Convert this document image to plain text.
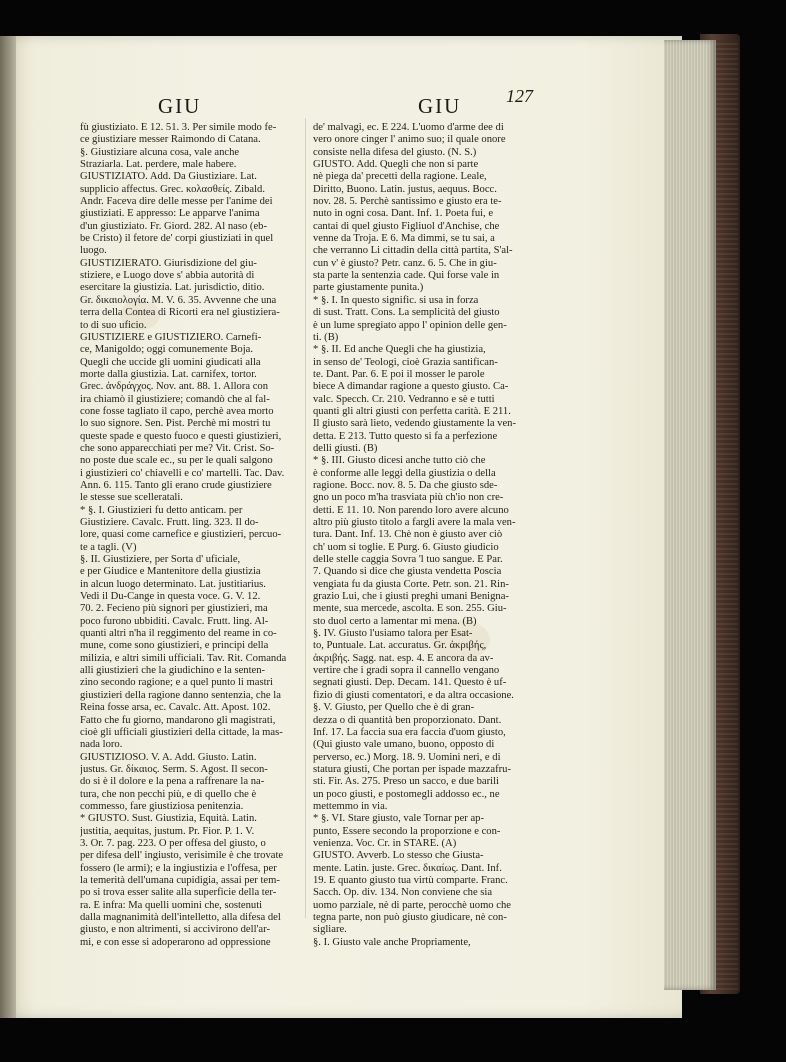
GIU	GIU 127
fù giustiziato. E 12. 51. 3. Per simile modo fe-
ce giustiziare messer Raimondo di Catana.
§. Giustiziare alcuna cosa, vale anche
Straziarla. Lat. perdere, male habere.
GIUSTIZIATO. Add. Da Giustiziare. Lat.
supplicio affectus. Grec. κολασθείς. Zibald.
Andr. Faceva dire delle messe per l'anime dei
giustiziati. E appresso: Le apparve l'anima
d'un giustiziato. Fr. Giord. 282. Al naso (eb-
be Cristo) il fetore de' corpi giustiziati in quel
luogo.
GIUSTIZIERATO. Giurisdizione del giu-
stiziere, e Luogo dove s' abbia autorità di
esercitare la giustizia. Lat. jurisdictio, ditio.
Gr. δικαιολογία. M. V. 6. 35. Avvenne che una
terra della Contea di Ricorti era nel giustiziera-
to di suo uficio.
GIUSTIZIERE e GIUSTIZIERO. Carnefi-
ce, Manigoldo; oggi comunemente Boja.
Quegli che uccide gli uomini giudicati alla
morte dalla giustizia. Lat. carnifex, tortor.
Grec. ἀνδράγχος. Nov. ant. 88. 1. Allora con
ira chiamò il giustiziere; comandò che al fal-
cone fosse tagliato il capo, perchè avea morto
lo suo signore. Sen. Pist. Perchè mi mostri tu
queste spade e questo fuoco e questi giustizieri,
che sono apparecchiati per me? Vit. Crist. So-
no poste due scale ec., su per le quali salgono
i giustizieri co' chiavelli e co' martelli. Tac. Dav.
Ann. 6. 115. Tanto gli erano crude giustiziere
le stesse sue scelleratali.
* §. I. Giustizieri fu detto anticam. per
Giustiziere. Cavalc. Frutt. ling. 323. Il do-
lore, quasi come carnefice e giustizieri, percuo-
te a tagli. (V)
§. II. Giustiziere, per Sorta d' uficiale,
e per Giudice e Mantenitore della giustizia
in alcun luogo determinato. Lat. justitiarius.
Vedi il Du-Cange in questa voce. G. V. 12.
70. 2. Fecieno più signori per giustizieri, ma
poco furono ubbiditi. Cavalc. Frutt. ling. Al-
quanti altri n'ha il reggimento del reame in co-
mune, come sono giustizieri, e principi della
milizia, e altri simili ufficiali. Tav. Rit. Comanda
alli giustizieri che la giudichino e la senten-
zino secondo ragione; e a quel punto li mastri
giustizieri della ragione danno sentenzia, che la
Reina fosse arsa, ec. Cavalc. Att. Apost. 102.
Fatto che fu giorno, mandarono gli magistrati,
cioè gli ufficiali giustizieri della cittade, la mas-
nada loro.
GIUSTIZIOSO. V. A. Add. Giusto. Latin.
justus. Gr. δίκαιος. Serm. S. Agost. Il secon-
do si è il dolore e la pena a raffrenare la na-
tura, che non pecchi più, e di quello che è
commesso, fare giustiziosa penitenzia.
* GIUSTO. Sust. Giustizia, Equità. Latin.
justitia, aequitas, justum. Pr. Fior. P. 1. V.
3. Or. 7. pag. 223. O per offesa del giusto, o
per difesa dell' ingiusto, verisimile è che trovate
fossero (le armi); e la ingiustizia e l'offesa, per
la temerità dell'umana cupidigia, assai per tem-
po si trova esser salite alla superficie della ter-
ra. E infra: Ma quelli uomini che, sostenuti
dalla magnanimità dell'intelletto, alla difesa del
giusto, e non altrimenti, si accivirono dell'ar-
mi, e con esse si adoperarono ad oppressione
de' malvagi, ec. E 224. L'uomo d'arme dee di
vero onore cinger l' animo suo; il quale onore
consiste nella difesa del giusto. (N. S.)
GIUSTO. Add. Quegli che non si parte
nè piega da' precetti della ragione. Leale,
Diritto, Buono. Latin. justus, aequus. Bocc.
nov. 28. 5. Perchè santissimo e giusto era te-
nuto in ogni cosa. Dant. Inf. 1. Poeta fui, e
cantai di quel giusto Figliuol d'Anchise, che
venne da Troja. E 6. Ma dimmi, se tu sai, a
che verranno Li cittadin della città partita, S'al-
cun v' è giusto? Petr. canz. 6. 5. Che in giu-
sta parte la sentenzia cade. Qui forse vale in
parte giustamente punita.)
* §. I. In questo signific. si usa in forza
di sust. Tratt. Cons. La semplicità del giusto
è un lume spregiato appo l' opinion delle gen-
ti. (B)
* §. II. Ed anche Quegli che ha giustizia,
in senso de' Teologi, cioè Grazia santifican-
te. Dant. Par. 6. E poi il mosser le parole
biece A dimandar ragione a questo giusto. Ca-
valc. Specch. Cr. 210. Vedranno e sè e tutti
quanti gli altri giusti con perfetta carità. E 211.
Il giusto sarà lieto, vedendo giustamente la ven-
detta. E 213. Tutto questo si fa a perfezione
delli giusti. (B)
* §. III. Giusto dicesi anche tutto ciò che
è conforme alle leggi della giustizia o della
ragione. Bocc. nov. 8. 5. Da che giusto sde-
gno un poco m'ha trasviata più ch'io non cre-
detti. E 11. 10. Non parendo loro avere alcuno
altro più giusto titolo a fargli avere la mala ven-
tura. Dant. Inf. 13. Chè non è giusto aver ciò
ch' uom si toglie. E Purg. 6. Giusto giudicio
delle stelle caggia Sovra 'l tuo sangue. E Par.
7. Quando si dice che giusta vendetta Poscia
vengiata fu da giusta Corte. Petr. son. 21. Rin-
grazio Lui, che i giusti preghi umani Benigna-
mente, sua mercede, ascolta. E son. 255. Giu-
sto duol certo a lamentar mi mena. (B)
§. IV. Giusto l'usiamo talora per Esat-
to, Puntuale. Lat. accuratus. Gr. ἀκριβής,
ἀκριβής. Sagg. nat. esp. 4. E ancora da av-
vertire che i gradi sopra il cannello vengano
segnati giusti. Dep. Decam. 141. Questo è uf-
fizio di giusti comentatori, e da altra occasione.
§. V. Giusto, per Quello che è di gran-
dezza o di quantità ben proporzionato. Dant.
Inf. 17. La faccia sua era faccia d'uom giusto,
(Qui giusto vale umano, buono, opposto di
perverso, ec.) Morg. 18. 9. Uomini neri, e di
statura giusti, Che portan per ispade mazzafru-
sti. Fir. As. 275. Preso un sacco, e due barili
un poco giusti, e postomegli addosso ec., ne
mettemmo in via.
* §. VI. Stare giusto, vale Tornar per ap-
punto, Essere secondo la proporzione e con-
venienza. Voc. Cr. in STARE. (A)
GIUSTO. Avverb. Lo stesso che Giusta-
mente. Latin. juste. Grec. δικαίως. Dant. Inf.
19. E quanto giusto tua virtù comparte. Franc.
Sacch. Op. div. 134. Non conviene che sia
uomo parziale, nè di parte, perocchè uomo che
tegna parte, non può giusto giudicare, nè con-
sigliare.
§. I. Giusto vale anche Propriamente,
